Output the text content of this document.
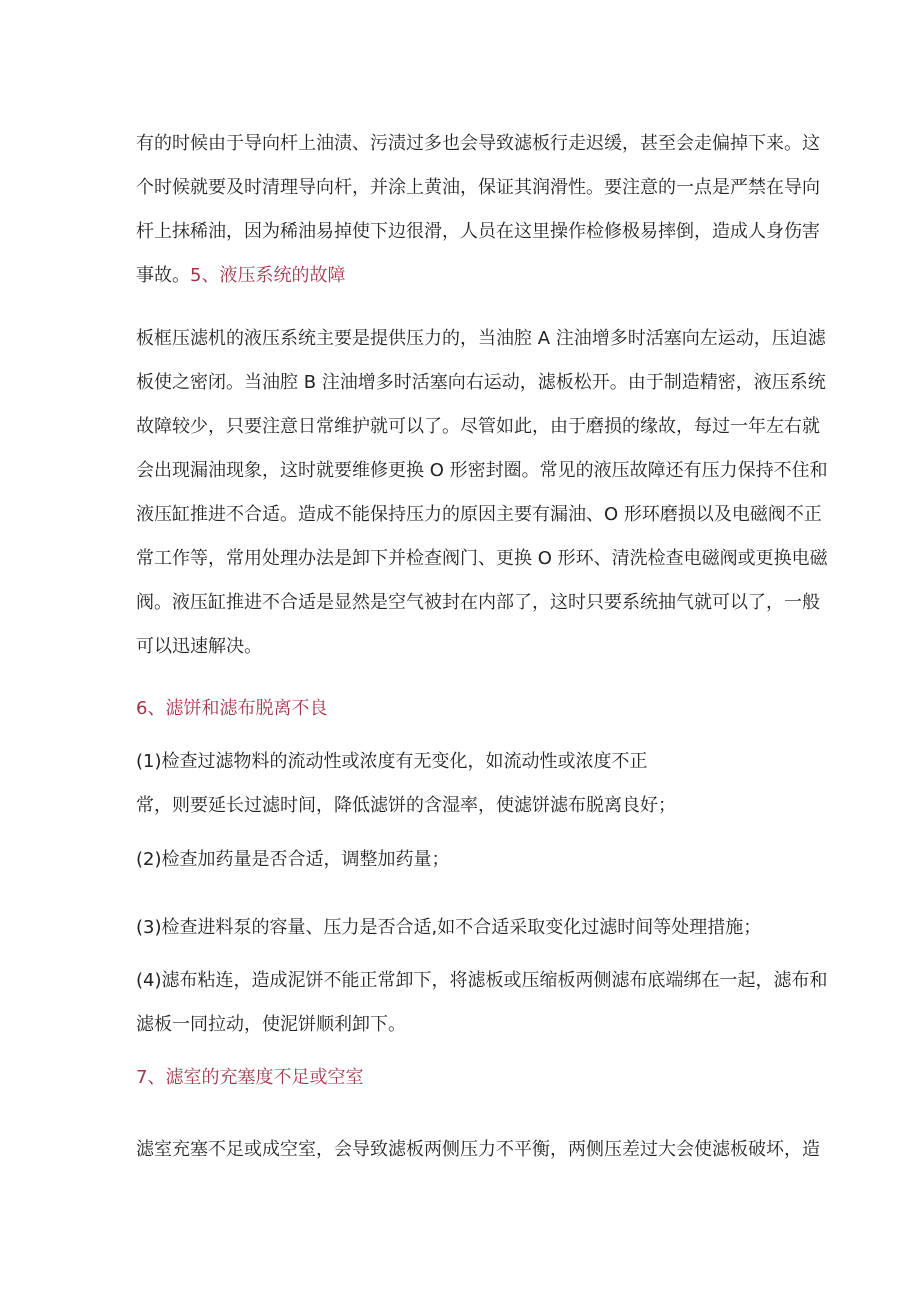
有的时候由于导向杆上油渍、污渍过多也会导致滤板行走迟缓，甚至会走偏掉下来。这
个时候就要及时清理导向杆，并涂上黄油，保证其润滑性。要注意的一点是严禁在导向
杆上抹稀油，因为稀油易掉使下边很滑，人员在这里操作检修极易摔倒，造成人身伤害
事故。5、液压系统的故障
板框压滤机的液压系统主要是提供压力的，当油腔 A 注油增多时活塞向左运动，压迫滤
板使之密闭。当油腔 B 注油增多时活塞向右运动，滤板松开。由于制造精密，液压系统
故障较少，只要注意日常维护就可以了。尽管如此，由于磨损的缘故，每过一年左右就
会出现漏油现象，这时就要维修更换 O 形密封圈。常见的液压故障还有压力保持不住和
液压缸推进不合适。造成不能保持压力的原因主要有漏油、O 形环磨损以及电磁阀不正
常工作等，常用处理办法是卸下并检查阀门、更换 O 形环、清洗检查电磁阀或更换电磁
阀。液压缸推进不合适是显然是空气被封在内部了，这时只要系统抽气就可以了，一般
可以迅速解决。
6、滤饼和滤布脱离不良
(1)检查过滤物料的流动性或浓度有无变化，如流动性或浓度不正
常，则要延长过滤时间，降低滤饼的含湿率，使滤饼滤布脱离良好；
(2)检查加药量是否合适，调整加药量；
(3)检查进料泵的容量、压力是否合适,如不合适采取变化过滤时间等处理措施；
(4)滤布粘连，造成泥饼不能正常卸下，将滤板或压缩板两侧滤布底端绑在一起，滤布和
滤板一同拉动，使泥饼顺利卸下。
7、滤室的充塞度不足或空室
滤室充塞不足或成空室，会导致滤板两侧压力不平衡，两侧压差过大会使滤板破坏，造
